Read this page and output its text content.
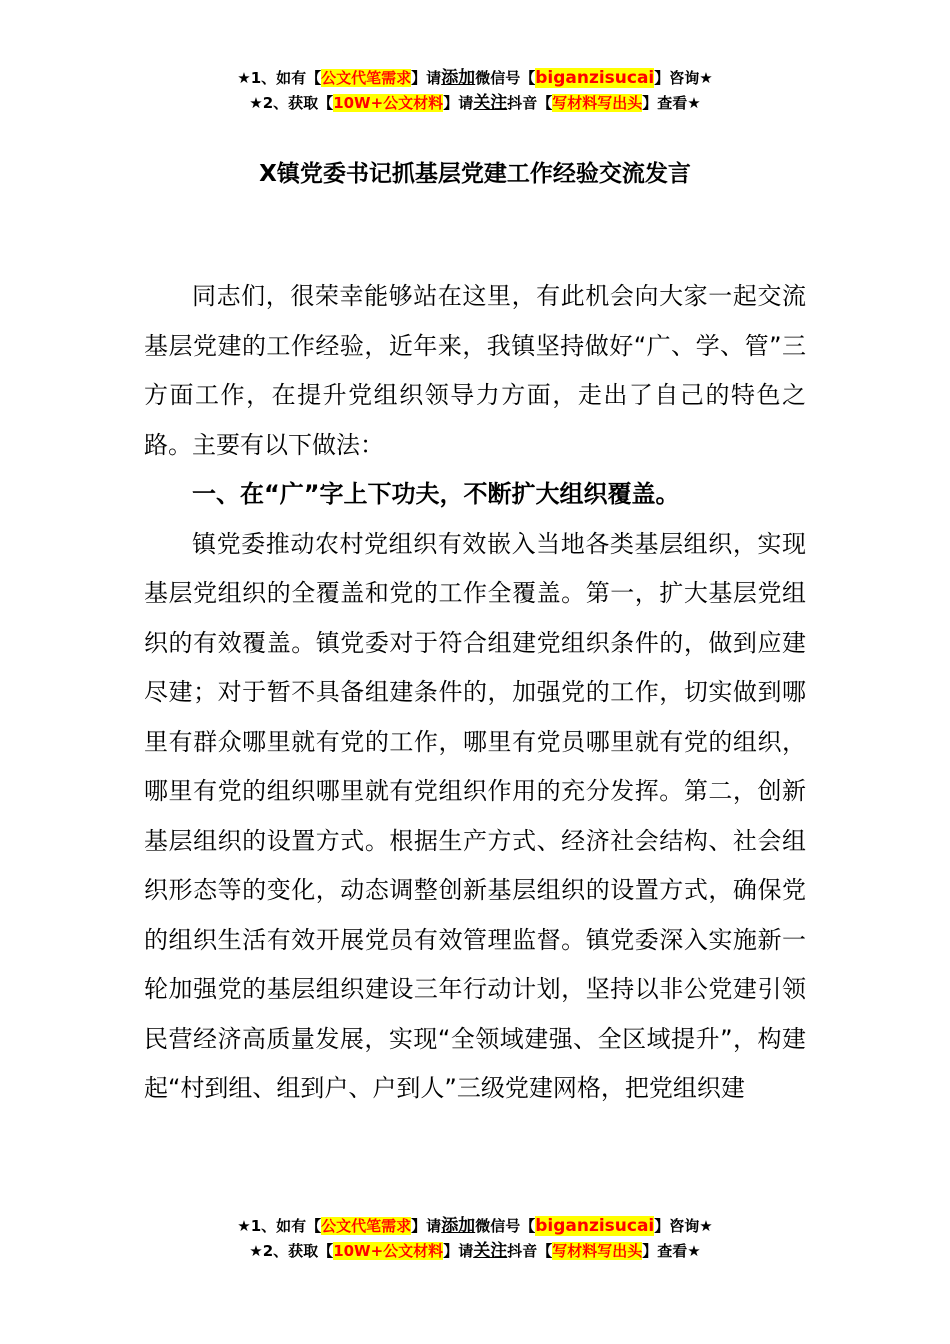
★1、如有【公文代笔需求】请添加微信号【biganzisucai】咨询★
★2、获取【10W+公文材料】请关注抖音【写材料写出头】查看★
X镇党委书记抓基层党建工作经验交流发言

同志们，很荣幸能够站在这里，有此机会向大家一起交流基层党建的工作经验，近年来，我镇坚持做好“广、学、管”三方面工作，在提升党组织领导力方面，走出了自己的特色之路。主要有以下做法：

一、在“广”字上下功夫，不断扩大组织覆盖。

镇党委推动农村党组织有效嵌入当地各类基层组织，实现基层党组织的全覆盖和党的工作全覆盖。第一，扩大基层党组织的有效覆盖。镇党委对于符合组建党组织条件的，做到应建尽建；对于暂不具备组建条件的，加强党的工作，切实做到哪里有群众哪里就有党的工作，哪里有党员哪里就有党的组织，哪里有党的组织哪里就有党组织作用的充分发挥。第二，创新基层组织的设置方式。根据生产方式、经济社会结构、社会组织形态等的变化，动态调整创新基层组织的设置方式，确保党的组织生活有效开展党员有效管理监督。镇党委深入实施新一轮加强党的基层组织建设三年行动计划，坚持以非公党建引领民营经济高质量发展，实现“全领域建强、全区域提升”，构建起“村到组、组到户、户到人”三级党建网格，把党组织建

★1、如有【公文代笔需求】请添加微信号【biganzisucai】咨询★
★2、获取【10W+公文材料】请关注抖音【写材料写出头】查看★
